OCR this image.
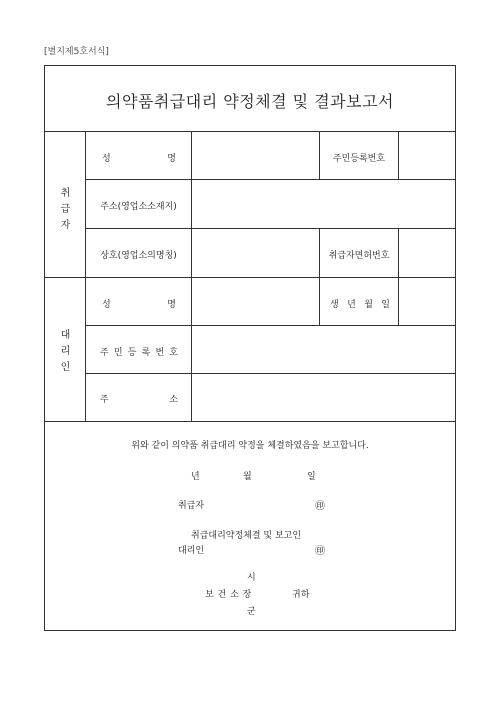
[별지제5호서식]
의약품취급대리 약정체결 및 결과보고서
취
급
자
성	명	주민등록번호
주소(영업소소재지)
상호(영업소의명칭)	취급자면허번호
대
리
인
성	명	생 년 월 일
주 민 등 록 번 호
주	소
위와 같이 의약품 취급대리 약정을 체결하였음을 보고합니다.
년	월	일
취급자	㊞
취급대리약정체결 및 보고인
대리인	㊞
시
보 건 소 장	귀하
군
